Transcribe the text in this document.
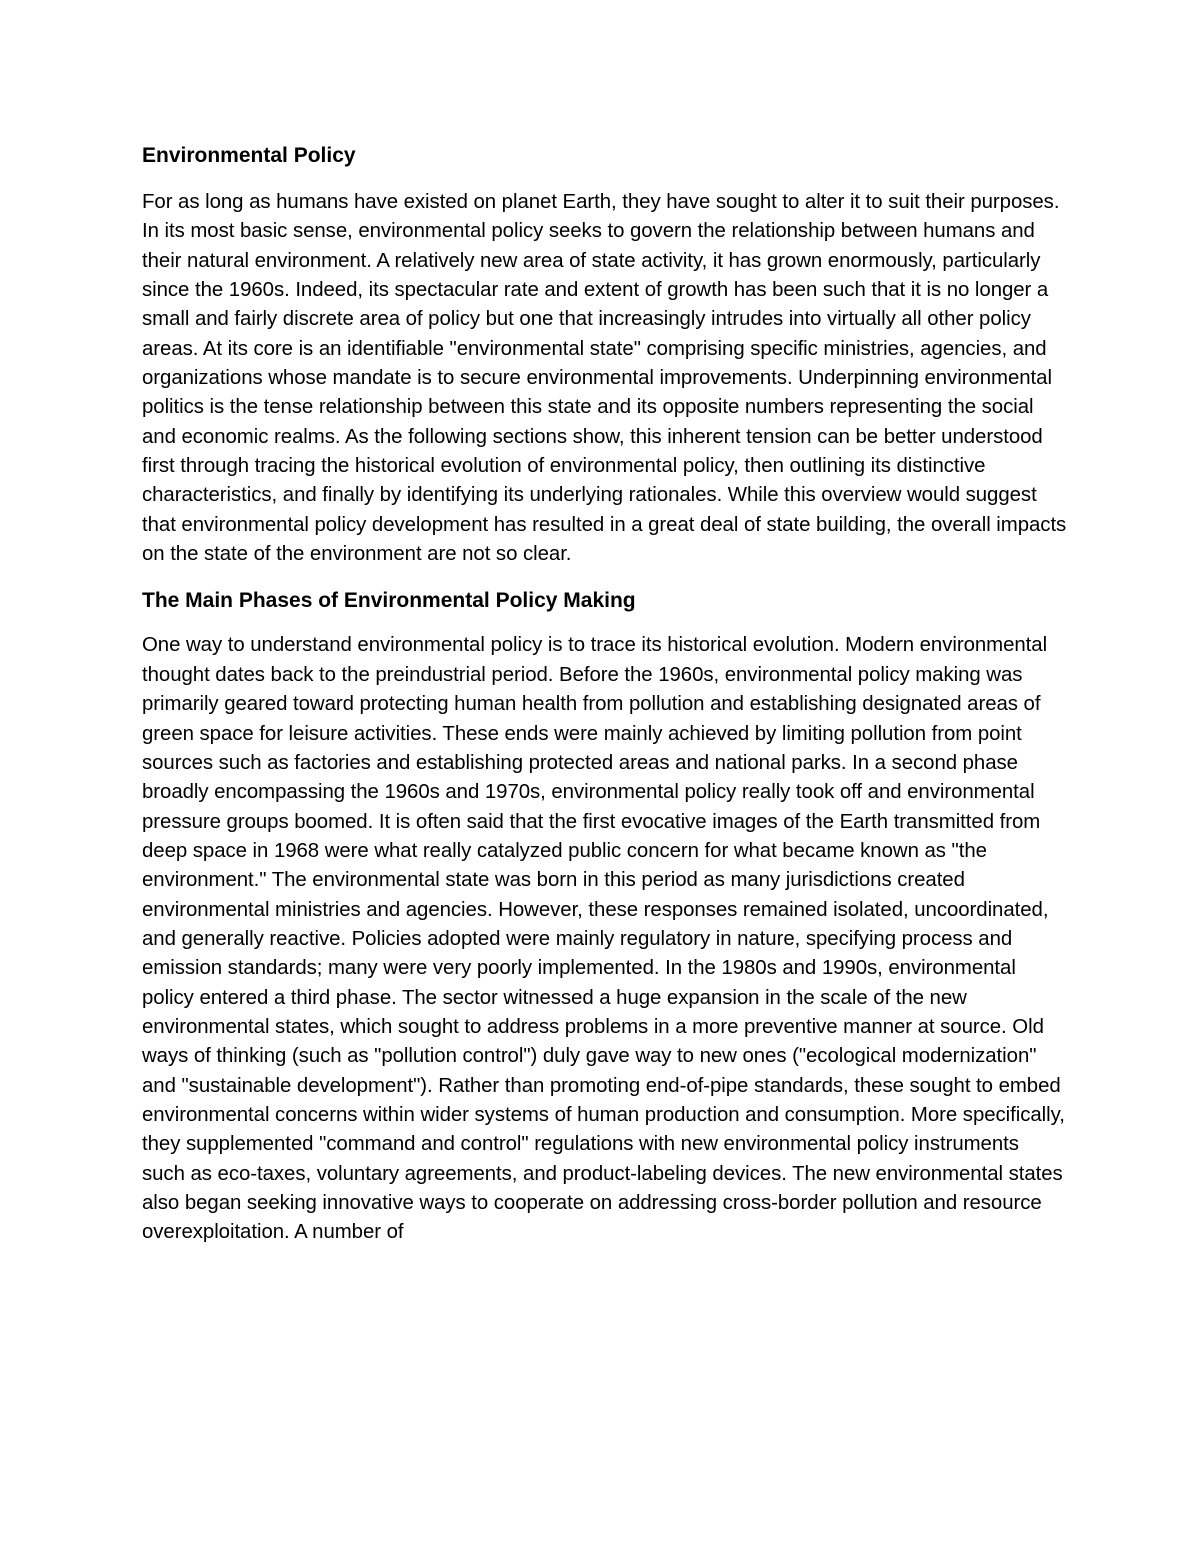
Environmental Policy

For as long as humans have existed on planet Earth, they have sought to alter it to suit their purposes. In its most basic sense, environmental policy seeks to govern the relationship between humans and their natural environment. A relatively new area of state activity, it has grown enormously, particularly since the 1960s. Indeed, its spectacular rate and extent of growth has been such that it is no longer a small and fairly discrete area of policy but one that increasingly intrudes into virtually all other policy areas. At its core is an identifiable "environmental state" comprising specific ministries, agencies, and organizations whose mandate is to secure environmental improvements. Underpinning environmental politics is the tense relationship between this state and its opposite numbers representing the social and economic realms. As the following sections show, this inherent tension can be better understood first through tracing the historical evolution of environmental policy, then outlining its distinctive characteristics, and finally by identifying its underlying rationales. While this overview would suggest that environmental policy development has resulted in a great deal of state building, the overall impacts on the state of the environment are not so clear.

The Main Phases of Environmental Policy Making

One way to understand environmental policy is to trace its historical evolution. Modern environmental thought dates back to the preindustrial period. Before the 1960s, environmental policy making was primarily geared toward protecting human health from pollution and establishing designated areas of green space for leisure activities. These ends were mainly achieved by limiting pollution from point sources such as factories and establishing protected areas and national parks. In a second phase broadly encompassing the 1960s and 1970s, environmental policy really took off and environmental pressure groups boomed. It is often said that the first evocative images of the Earth transmitted from deep space in 1968 were what really catalyzed public concern for what became known as "the environment." The environmental state was born in this period as many jurisdictions created environmental ministries and agencies. However, these responses remained isolated, uncoordinated, and generally reactive. Policies adopted were mainly regulatory in nature, specifying process and emission standards; many were very poorly implemented. In the 1980s and 1990s, environmental policy entered a third phase. The sector witnessed a huge expansion in the scale of the new environmental states, which sought to address problems in a more preventive manner at source. Old ways of thinking (such as "pollution control") duly gave way to new ones ("ecological modernization" and "sustainable development"). Rather than promoting end-of-pipe standards, these sought to embed environmental concerns within wider systems of human production and consumption. More specifically, they supplemented "command and control" regulations with new environmental policy instruments such as eco-taxes, voluntary agreements, and product-labeling devices. The new environmental states also began seeking innovative ways to cooperate on addressing cross-border pollution and resource overexploitation. A number of
